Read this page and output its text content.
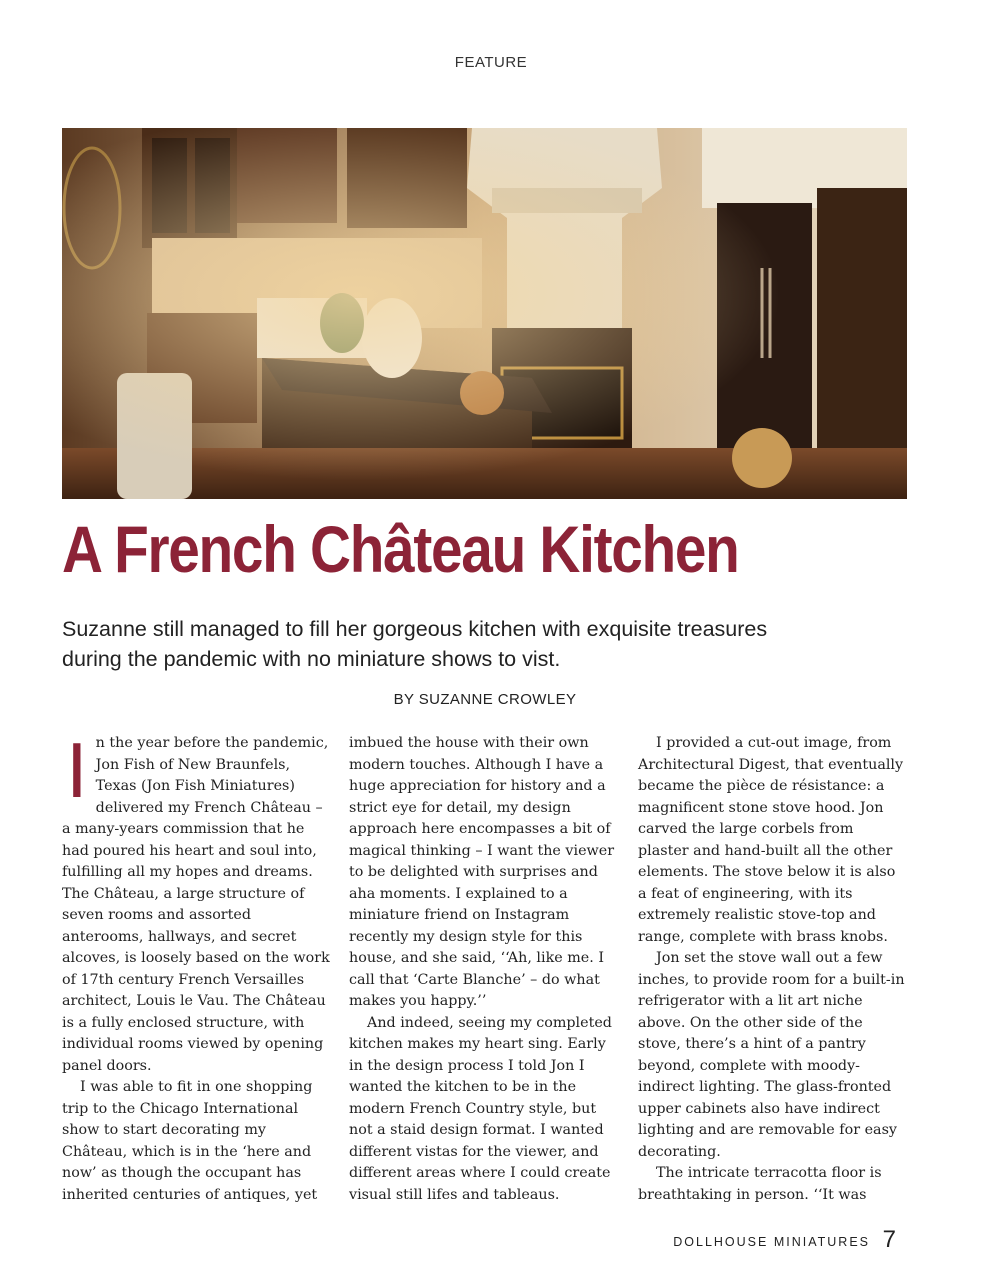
FEATURE
A French Château Kitchen
Suzanne still managed to fill her gorgeous kitchen with exquisite treasures
during the pandemic with no miniature shows to vist.
BY SUZANNE CROWLEY
I n the year before the pandemic, Jon Fish of New Braunfels, Texas (Jon Fish Miniatures) delivered my French Château – a many-years commission that he had poured his heart and soul into, fulfilling all my hopes and dreams. The Château, a large structure of seven rooms and assorted anterooms, hallways, and secret alcoves, is loosely based on the work of 17th century French Versailles architect, Louis le Vau. The Château is a fully enclosed structure, with individual rooms viewed by opening panel doors.

I was able to fit in one shopping trip to the Chicago International show to start decorating my Château, which is in the ‘here and now’ as though the occupant has inherited centuries of antiques, yet

imbued the house with their own modern touches. Although I have a huge appreciation for history and a strict eye for detail, my design approach here encompasses a bit of magical thinking – I want the viewer to be delighted with surprises and aha moments. I explained to a miniature friend on Instagram recently my design style for this house, and she said, ‘‘Ah, like me. I call that ‘Carte Blanche’ – do what makes you happy.’’

And indeed, seeing my completed kitchen makes my heart sing. Early in the design process I told Jon I wanted the kitchen to be in the modern French Country style, but not a staid design format. I wanted different vistas for the viewer, and different areas where I could create visual still lifes and tableaus.

I provided a cut-out image, from Architectural Digest, that eventually became the pièce de résistance: a magnificent stone stove hood. Jon carved the large corbels from plaster and hand-built all the other elements. The stove below it is also a feat of engineering, with its extremely realistic stove-top and range, complete with brass knobs.

Jon set the stove wall out a few inches, to provide room for a built-in refrigerator with a lit art niche above. On the other side of the stove, there’s a hint of a pantry beyond, complete with moody-indirect lighting. The glass-fronted upper cabinets also have indirect lighting and are removable for easy decorating.

The intricate terracotta floor is breathtaking in person. ‘‘It was

DOLLHOUSE MINIATURES 7
